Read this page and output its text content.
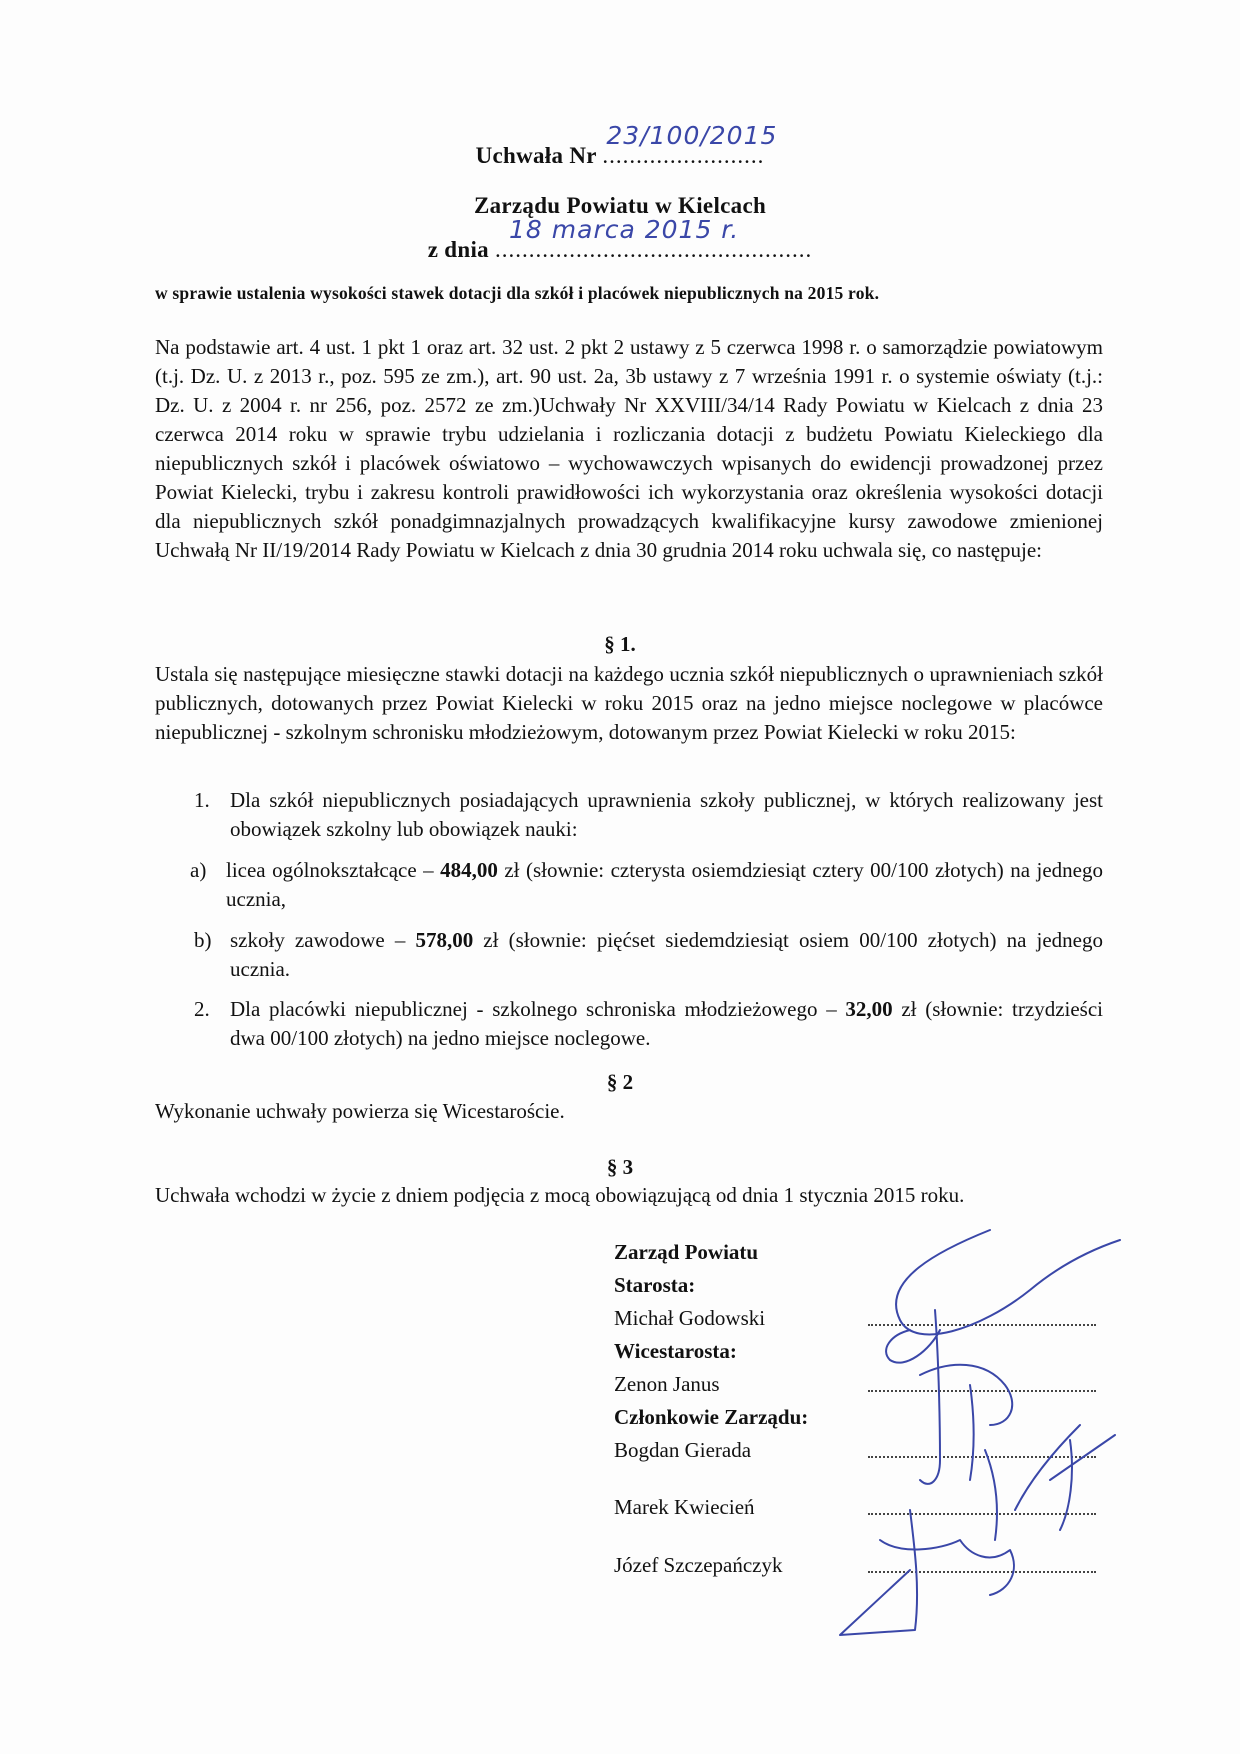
Uchwała Nr ........................
23/100/2015
Zarządu Powiatu w Kielcach
z dnia ...............................................
18 marca 2015 r.
w sprawie ustalenia wysokości stawek dotacji dla szkół i placówek niepublicznych na 2015 rok.

Na podstawie art. 4 ust. 1 pkt 1 oraz art. 32 ust. 2 pkt 2 ustawy z 5 czerwca 1998 r. o samorządzie powiatowym (t.j. Dz. U. z 2013 r., poz. 595 ze zm.), art. 90 ust. 2a, 3b ustawy z 7 września 1991 r. o systemie oświaty (t.j.: Dz. U. z 2004 r. nr 256, poz. 2572 ze zm.)Uchwały Nr XXVIII/34/14 Rady Powiatu w Kielcach z dnia 23 czerwca 2014 roku w sprawie trybu udzielania i rozliczania dotacji z budżetu Powiatu Kieleckiego dla niepublicznych szkół i placówek oświatowo – wychowawczych wpisanych do ewidencji prowadzonej przez Powiat Kielecki, trybu i zakresu kontroli prawidłowości ich wykorzystania oraz określenia wysokości dotacji dla niepublicznych szkół ponadgimnazjalnych prowadzących kwalifikacyjne kursy zawodowe zmienionej Uchwałą Nr II/19/2014 Rady Powiatu w Kielcach z dnia 30 grudnia 2014 roku uchwala się, co następuje:

§ 1.

Ustala się następujące miesięczne stawki dotacji na każdego ucznia szkół niepublicznych o uprawnieniach szkół publicznych, dotowanych przez Powiat Kielecki w roku 2015 oraz na jedno miejsce noclegowe w placówce niepublicznej - szkolnym schronisku młodzieżowym, dotowanym przez Powiat Kielecki w roku 2015:

1. Dla szkół niepublicznych posiadających uprawnienia szkoły publicznej, w których realizowany jest obowiązek szkolny lub obowiązek nauki:
a) licea ogólnokształcące – 484,00 zł (słownie: czterysta osiemdziesiąt cztery 00/100 złotych) na jednego ucznia,
b) szkoły zawodowe – 578,00 zł (słownie: pięćset siedemdziesiąt osiem 00/100 złotych) na jednego ucznia.
2. Dla placówki niepublicznej - szkolnego schroniska młodzieżowego – 32,00 zł (słownie: trzydzieści dwa 00/100 złotych) na jedno miejsce noclegowe.
§ 2

Wykonanie uchwały powierza się Wicestaroście.

§ 3

Uchwała wchodzi w życie z dniem podjęcia z mocą obowiązującą od dnia 1 stycznia 2015 roku.

Zarząd Powiatu
Starosta:
Michał Godowski
Wicestarosta:
Zenon Janus
Członkowie Zarządu:
Bogdan Gierada
Marek Kwiecień
Józef Szczepańczyk
